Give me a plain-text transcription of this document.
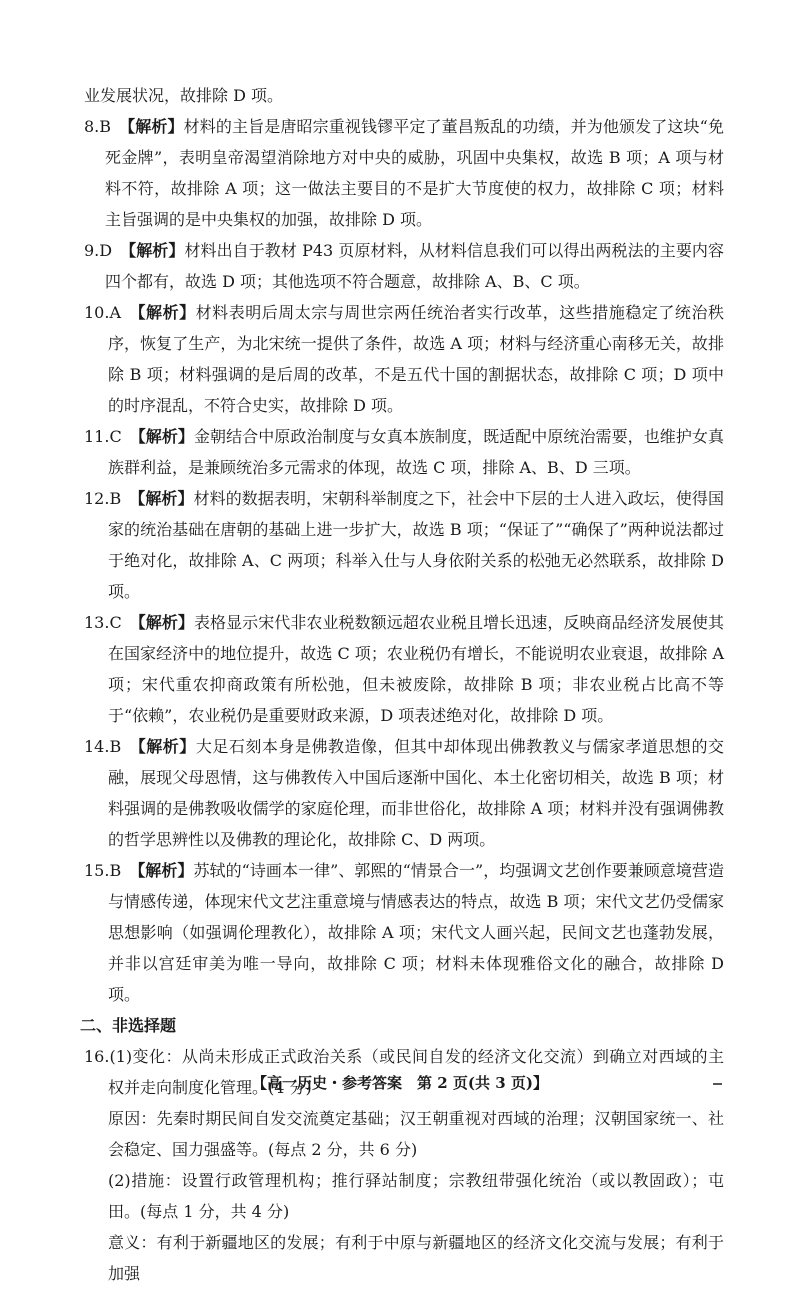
业发展状况，故排除 D 项。

8.B 【解析】材料的主旨是唐昭宗重视钱镠平定了董昌叛乱的功绩，并为他颁发了这块“免死金牌”，表明皇帝渴望消除地方对中央的威胁，巩固中央集权，故选 B 项；A 项与材料不符，故排除 A 项；这一做法主要目的不是扩大节度使的权力，故排除 C 项；材料主旨强调的是中央集权的加强，故排除 D 项。

9.D 【解析】材料出自于教材 P43 页原材料，从材料信息我们可以得出两税法的主要内容四个都有，故选 D 项；其他选项不符合题意，故排除 A、B、C 项。

10.A 【解析】材料表明后周太宗与周世宗两任统治者实行改革，这些措施稳定了统治秩序，恢复了生产，为北宋统一提供了条件，故选 A 项；材料与经济重心南移无关，故排除 B 项；材料强调的是后周的改革，不是五代十国的割据状态，故排除 C 项；D 项中的时序混乱，不符合史实，故排除 D 项。

11.C 【解析】金朝结合中原政治制度与女真本族制度，既适配中原统治需要，也维护女真族群利益，是兼顾统治多元需求的体现，故选 C 项，排除 A、B、D 三项。

12.B 【解析】材料的数据表明，宋朝科举制度之下，社会中下层的士人进入政坛，使得国家的统治基础在唐朝的基础上进一步扩大，故选 B 项；“保证了”“确保了”两种说法都过于绝对化，故排除 A、C 两项；科举入仕与人身依附关系的松弛无必然联系，故排除 D 项。

13.C 【解析】表格显示宋代非农业税数额远超农业税且增长迅速，反映商品经济发展使其在国家经济中的地位提升，故选 C 项；农业税仍有增长，不能说明农业衰退，故排除 A 项；宋代重农抑商政策有所松弛，但未被废除，故排除 B 项；非农业税占比高不等于“依赖”，农业税仍是重要财政来源，D 项表述绝对化，故排除 D 项。

14.B 【解析】大足石刻本身是佛教造像，但其中却体现出佛教教义与儒家孝道思想的交融，展现父母恩情，这与佛教传入中国后逐渐中国化、本土化密切相关，故选 B 项；材料强调的是佛教吸收儒学的家庭伦理，而非世俗化，故排除 A 项；材料并没有强调佛教的哲学思辨性以及佛教的理论化，故排除 C、D 两项。

15.B 【解析】苏轼的“诗画本一律”、郭熙的“情景合一”，均强调文艺创作要兼顾意境营造与情感传递，体现宋代文艺注重意境与情感表达的特点，故选 B 项；宋代文艺仍受儒家思想影响（如强调伦理教化），故排除 A 项；宋代文人画兴起，民间文艺也蓬勃发展，并非以宫廷审美为唯一导向，故排除 C 项；材料未体现雅俗文化的融合，故排除 D 项。

二、非选择题

16.(1)变化：从尚未形成正式政治关系（或民间自发的经济文化交流）到确立对西域的主权并走向制度化管理。(4 分)

原因：先秦时期民间自发交流奠定基础；汉王朝重视对西域的治理；汉朝国家统一、社会稳定、国力强盛等。(每点 2 分，共 6 分)

(2)措施：设置行政管理机构；推行驿站制度；宗教纽带强化统治（或以教固政）；屯田。(每点 1 分，共 4 分)

意义：有利于新疆地区的发展；有利于中原与新疆地区的经济文化交流与发展；有利于加强

【高一历史・参考答案　第 2 页(共 3 页)】
